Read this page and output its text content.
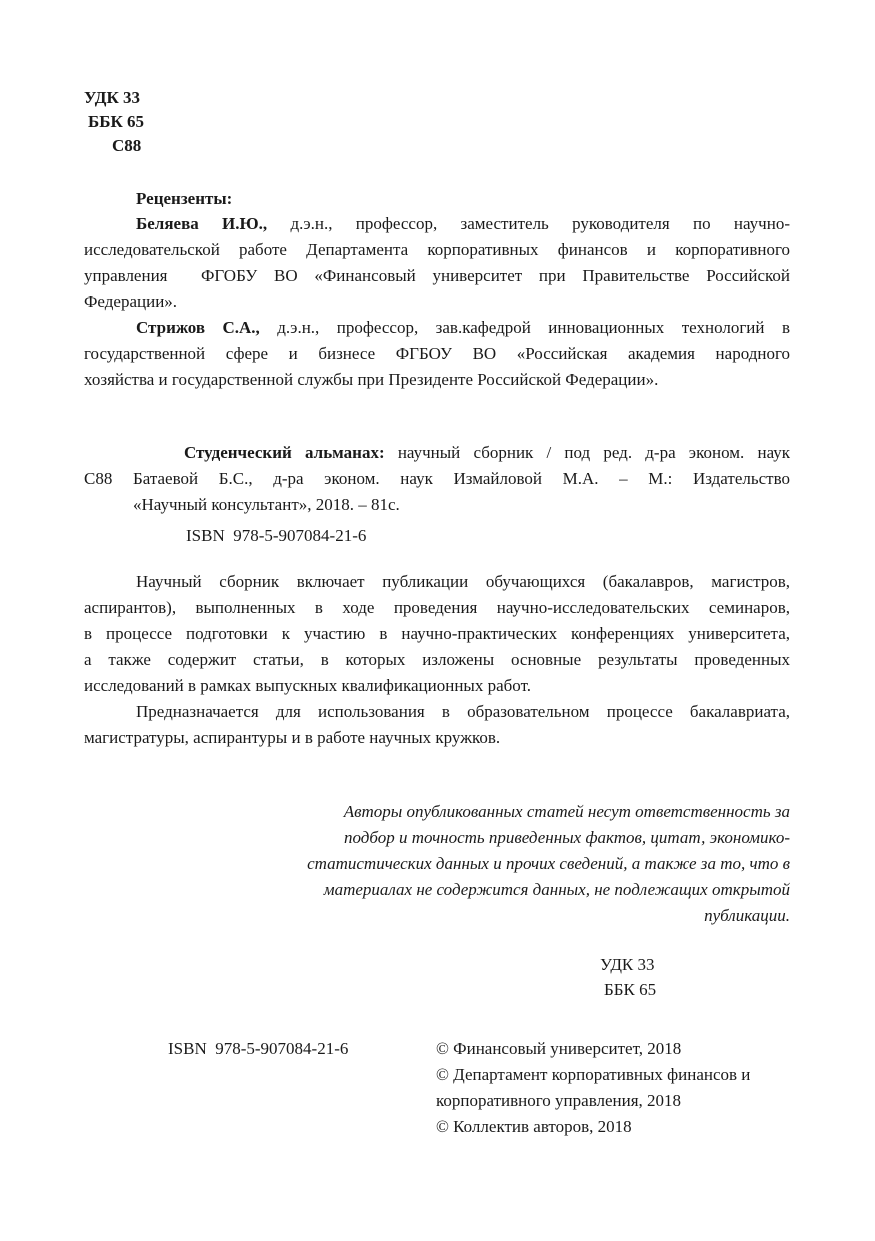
УДК 33
ББК 65
С88
Рецензенты:
Беляева И.Ю., д.э.н., профессор, заместитель руководителя по научно-
исследовательской работе Департамента корпоративных финансов и корпоративного
управления  ФГОБУ ВО «Финансовый университет при Правительстве Российской
Федерации».
Стрижов С.А., д.э.н., профессор, зав.кафедрой инновационных технологий в
государственной сфере и бизнесе ФГБОУ ВО «Российская академия народного
хозяйства и государственной службы при Президенте Российской Федерации».
Студенческий альманах: научный сборник / под ред. д-ра эконом. наук
С88	Батаевой Б.С., д-ра эконом. наук Измайловой М.А. – М.: Издательство
«Научный консультант», 2018. – 81с.
ISBN  978-5-907084-21-6
Научный сборник включает публикации обучающихся (бакалавров, магистров,
аспирантов), выполненных в ходе проведения научно-исследовательских семинаров,
в процессе подготовки к участию в научно-практических конференциях университета,
а также содержит статьи, в которых изложены основные результаты проведенных
исследований в рамках выпускных квалификационных работ.
Предназначается для использования в образовательном процессе бакалавриата,
магистратуры, аспирантуры и в работе научных кружков.
Авторы опубликованных статей несут ответственность за
подбор и точность приведенных фактов, цитат, экономико-
статистических данных и прочих сведений, а также за то, что в
материалах не содержится данных, не подлежащих открытой
публикации.
УДК 33
ББК 65
ISBN  978-5-907084-21-6	© Финансовый университет, 2018
© Департамент корпоративных финансов и
корпоративного управления, 2018
© Коллектив авторов, 2018
